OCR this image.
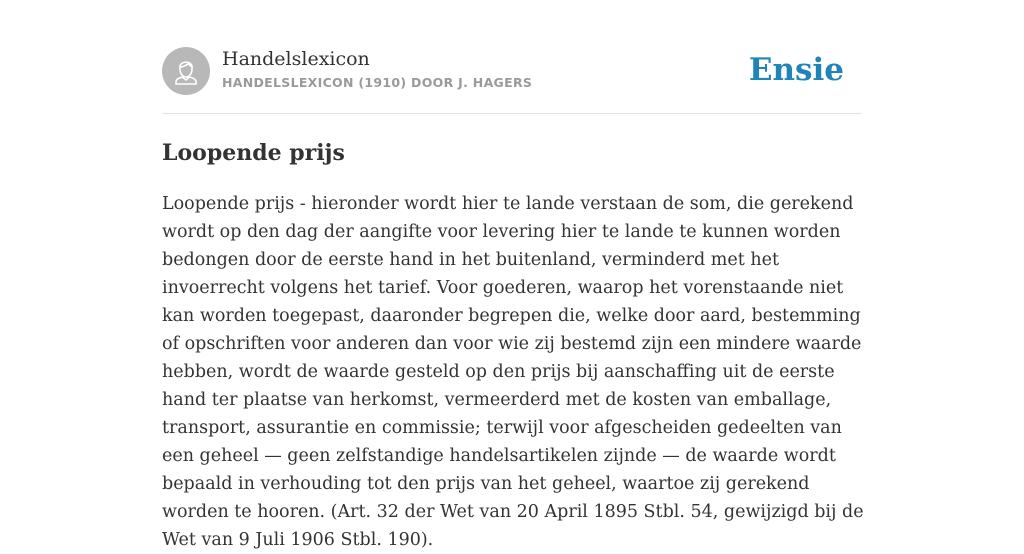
Handelslexicon
HANDELSLEXICON (1910) DOOR J. HAGERS	Ensie
Loopende prijs

Loopende prijs - hieronder wordt hier te lande verstaan de som, die gerekend wordt op den dag der aangifte voor levering hier te lande te kunnen worden bedongen door de eerste hand in het buitenland, verminderd met het invoerrecht volgens het tarief. Voor goederen, waarop het vorenstaande niet kan worden toegepast, daaronder begrepen die, welke door aard, bestemming of opschriften voor anderen dan voor wie zij bestemd zijn een mindere waarde hebben, wordt de waarde gesteld op den prijs bij aanschaffing uit de eerste hand ter plaatse van herkomst, vermeerderd met de kosten van emballage, transport, assurantie en commissie; terwijl voor afgescheiden gedeelten van een geheel — geen zelfstandige handelsartikelen zijnde — de waarde wordt bepaald in verhouding tot den prijs van het geheel, waartoe zij gerekend worden te hooren. (Art. 32 der Wet van 20 April 1895 Stbl. 54, gewijzigd bij de Wet van 9 Juli 1906 Stbl. 190).
